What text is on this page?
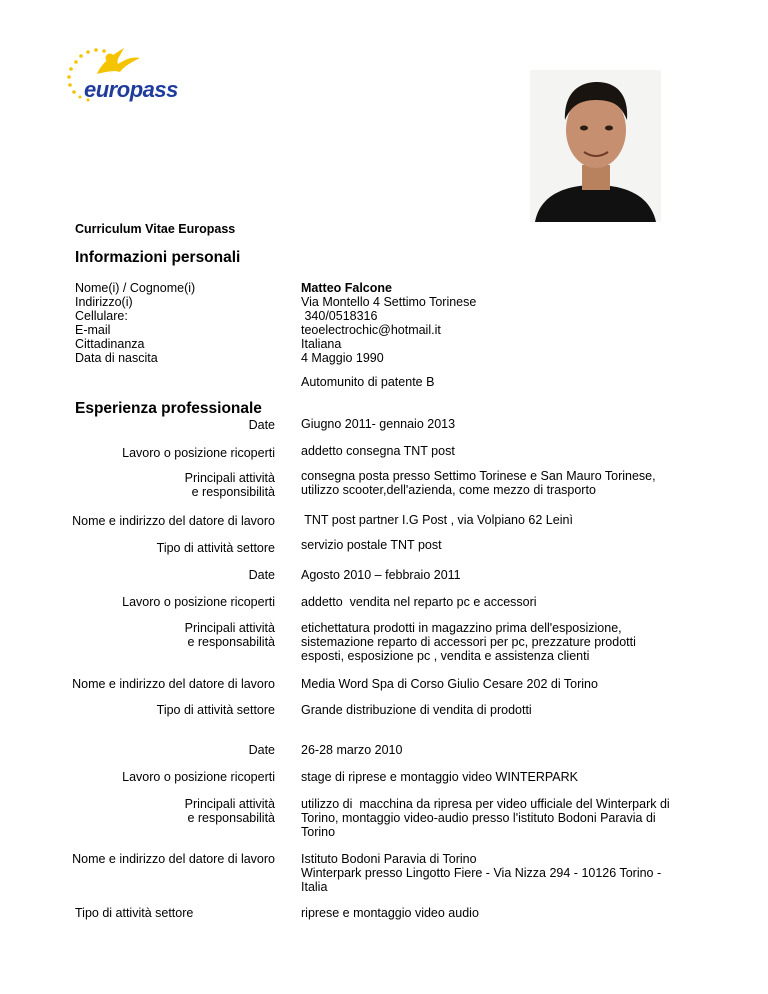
europass
Curriculum Vitae Europass
Informazioni personali
Nome(i) / Cognome(i)
Indirizzo(i)
Cellulare:
E-mail
Cittadinanza
Data di nascita
Matteo Falcone
Via Montello 4 Settimo Torinese
340/0518316
teoelectrochic@hotmail.it
Italiana
4 Maggio 1990
Automunito di patente B
Esperienza professionale
Date Giugno 2011- gennaio 2013
Lavoro o posizione ricoperti addetto consegna TNT post
Principali attività
e responsibilità
consegna posta presso Settimo Torinese e San Mauro Torinese,
utilizzo scooter,dell'azienda, come mezzo di trasporto
Nome e indirizzo del datore di lavoro TNT post partner I.G Post , via Volpiano 62 Leinì
Tipo di attività settore servizio postale TNT post
Date Agosto 2010 – febbraio 2011
Lavoro o posizione ricoperti addetto  vendita nel reparto pc e accessori
Principali attività
e responsabilità
etichettatura prodotti in magazzino prima dell'esposizione,
sistemazione reparto di accessori per pc, prezzature prodotti
esposti, esposizione pc , vendita e assistenza clienti
Nome e indirizzo del datore di lavoro Media Word Spa di Corso Giulio Cesare 202 di Torino
Tipo di attività settore Grande distribuzione di vendita di prodotti
Date 26-28 marzo 2010
Lavoro o posizione ricoperti stage di riprese e montaggio video WINTERPARK
Principali attività
e responsabilità
utilizzo di  macchina da ripresa per video ufficiale del Winterpark di
Torino, montaggio video-audio presso l'istituto Bodoni Paravia di
Torino
Nome e indirizzo del datore di lavoro Istituto Bodoni Paravia di Torino
Winterpark presso Lingotto Fiere - Via Nizza 294 - 10126 Torino -
Italia
Tipo di attività settore	riprese e montaggio video audio
